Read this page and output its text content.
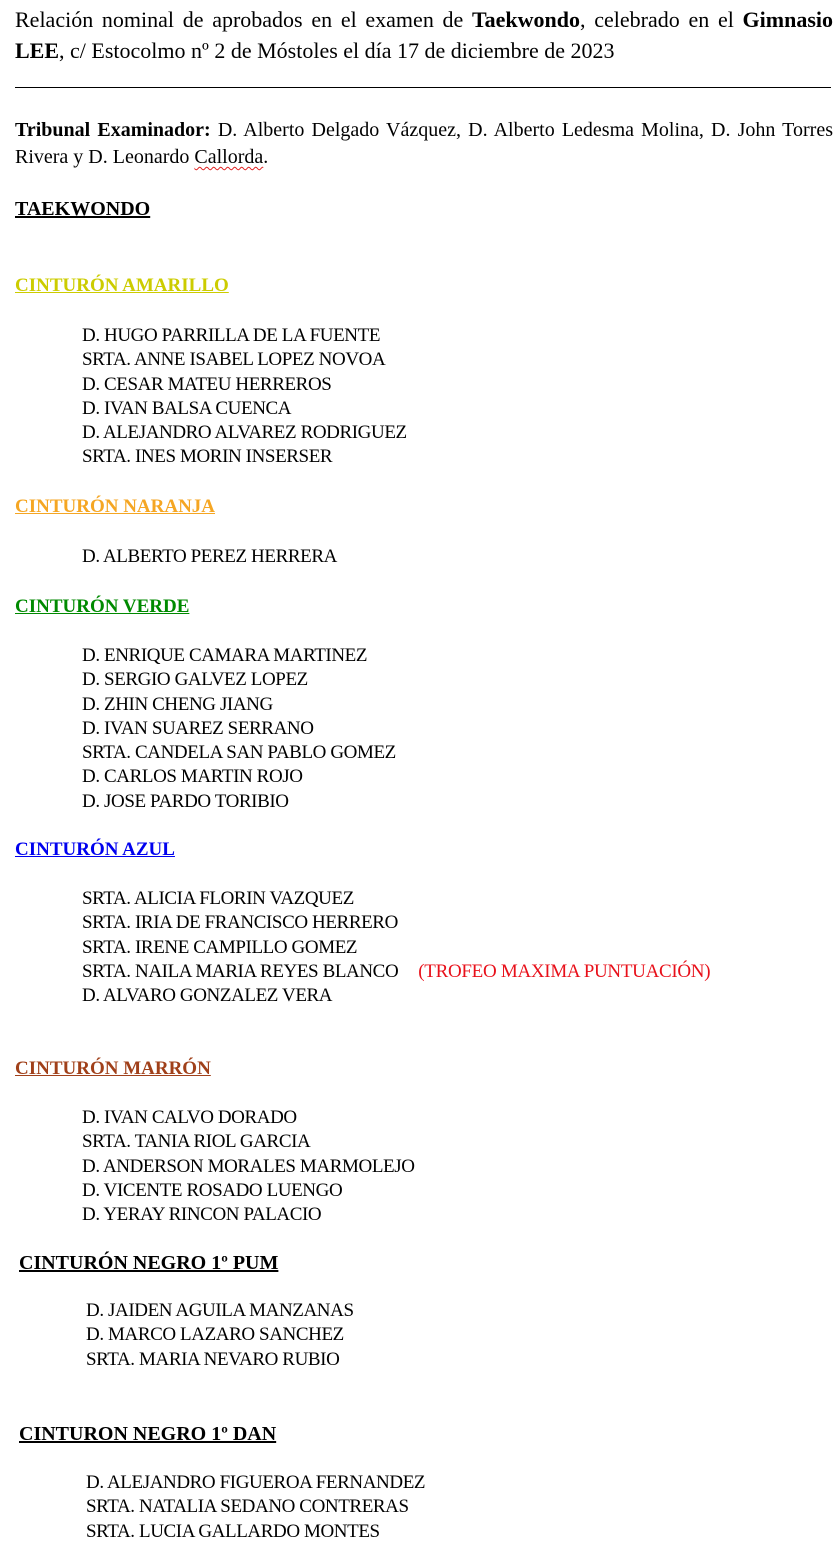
Relación nominal de aprobados en el examen de Taekwondo, celebrado en el Gimnasio LEE, c/ Estocolmo nº 2 de Móstoles el día 17 de diciembre de 2023
Tribunal Examinador: D. Alberto Delgado Vázquez, D. Alberto Ledesma Molina, D. John Torres Rivera y D. Leonardo Callorda.
TAEKWONDO
CINTURÓN AMARILLO
D. HUGO PARRILLA DE LA FUENTE
SRTA. ANNE ISABEL LOPEZ NOVOA
D. CESAR MATEU HERREROS
D. IVAN BALSA CUENCA
D. ALEJANDRO ALVAREZ RODRIGUEZ
SRTA. INES MORIN INSERSER
CINTURÓN NARANJA
D. ALBERTO PEREZ HERRERA
CINTURÓN VERDE
D. ENRIQUE CAMARA MARTINEZ
D. SERGIO GALVEZ LOPEZ
D. ZHIN CHENG JIANG
D. IVAN SUAREZ SERRANO
SRTA. CANDELA SAN PABLO GOMEZ
D. CARLOS MARTIN ROJO
D. JOSE PARDO TORIBIO
CINTURÓN AZUL
SRTA. ALICIA FLORIN VAZQUEZ
SRTA. IRIA DE FRANCISCO HERRERO
SRTA. IRENE CAMPILLO GOMEZ
SRTA. NAILA MARIA REYES BLANCO (TROFEO MAXIMA PUNTUACIÓN)
D. ALVARO GONZALEZ VERA
CINTURÓN MARRÓN
D. IVAN CALVO DORADO
SRTA. TANIA RIOL GARCIA
D. ANDERSON MORALES MARMOLEJO
D. VICENTE ROSADO LUENGO
D. YERAY RINCON PALACIO
CINTURÓN NEGRO 1º PUM
D. JAIDEN AGUILA MANZANAS
D. MARCO LAZARO SANCHEZ
SRTA. MARIA NEVARO RUBIO
CINTURON NEGRO 1º DAN
D. ALEJANDRO FIGUEROA FERNANDEZ
SRTA. NATALIA SEDANO CONTRERAS
SRTA. LUCIA GALLARDO MONTES
